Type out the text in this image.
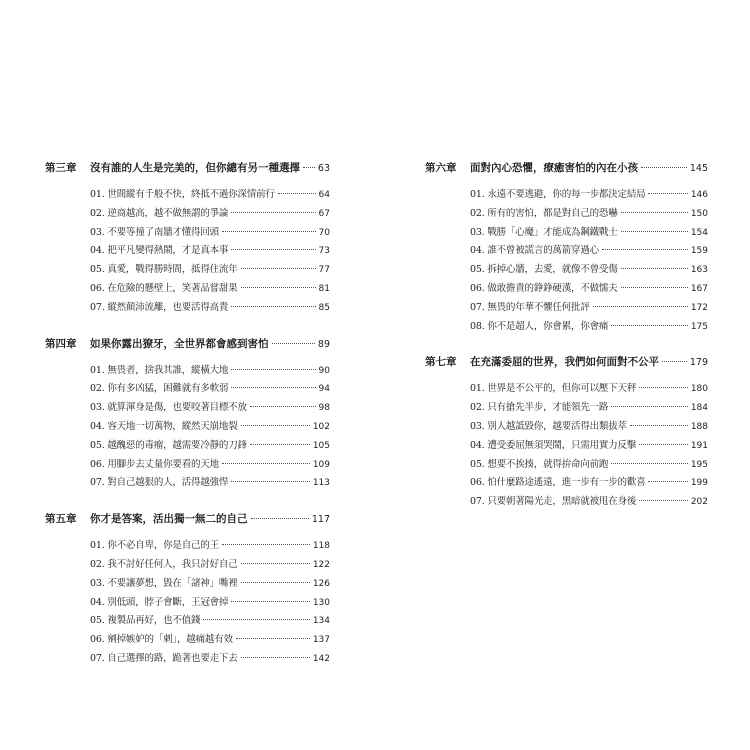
第三章	沒有誰的人生是完美的，但你總有另一種選擇 63
01. 世間縱有千般不快，終抵不過你深情前行	64
02. 逆商越高，越不做無謂的爭論	67
03. 不要等撞了南牆才懂得回頭	70
04. 把平凡變得熱鬧，才是真本事	73
05. 真愛，戰得勝時間，抵得住流年	77
06. 在危險的懸壁上，笑著品嘗甜果	81
07. 縱然顛沛流離，也要活得高貴	85
第四章	如果你露出獠牙，全世界都會感到害怕	89
01. 無畏者，捨我其誰，縱橫大地	90
02. 你有多凶猛，困難就有多軟弱	94
03. 就算渾身是傷，也要咬著目標不放	98
04. 容天地一切萬物，縱然天崩地裂	102
05. 越醜惡的毒瘤，越需要冷靜的刀鋒	105
06. 用腳步去丈量你要看的天地	109
07. 對自己越狠的人，活得越強悍	113
第五章	你才是答案，活出獨一無二的自己	117
01. 你不必自卑，你是自己的王	118
02. 我不討好任何人，我只討好自己	122
03. 不要讓夢想，毀在「諸神」嘴裡	126
04. 別低頭，脖子會斷，王冠會掉	130
05. 複製品再好，也不值錢	134
06. 剜掉嫉妒的「刺」，越痛越有效	137
07. 自己選擇的路，跪著也要走下去	142
第六章	面對內心恐懼，療癒害怕的內在小孩	145
01. 永遠不要逃避，你的每一步都決定結局	146
02. 所有的害怕，都是對自己的恐嚇	150
03. 戰勝「心魔」才能成為鋼鐵戰士	154
04. 誰不曾被謊言的萬箭穿過心	159
05. 拆掉心牆，去愛，就像不曾受傷	163
06. 做敢擔責的錚錚硬漢，不做懦夫	167
07. 無畏的年華不懼任何批評	172
08. 你不是超人，你會累，你會痛	175
第七章	在充滿委屈的世界，我們如何面對不公平	179
01. 世界是不公平的，但你可以壓下天秤	180
02. 只有搶先半步，才能領先一路	184
03. 別人越詆毀你，越要活得出類拔萃	188
04. 遭受委屈無須哭鬧，只需用實力反擊	191
05. 想要不挨揍，就得拚命向前跑	195
06. 怕什麼路途遙遠，進一步有一步的歡喜	199
07. 只要朝著陽光走，黑暗就被甩在身後	202
